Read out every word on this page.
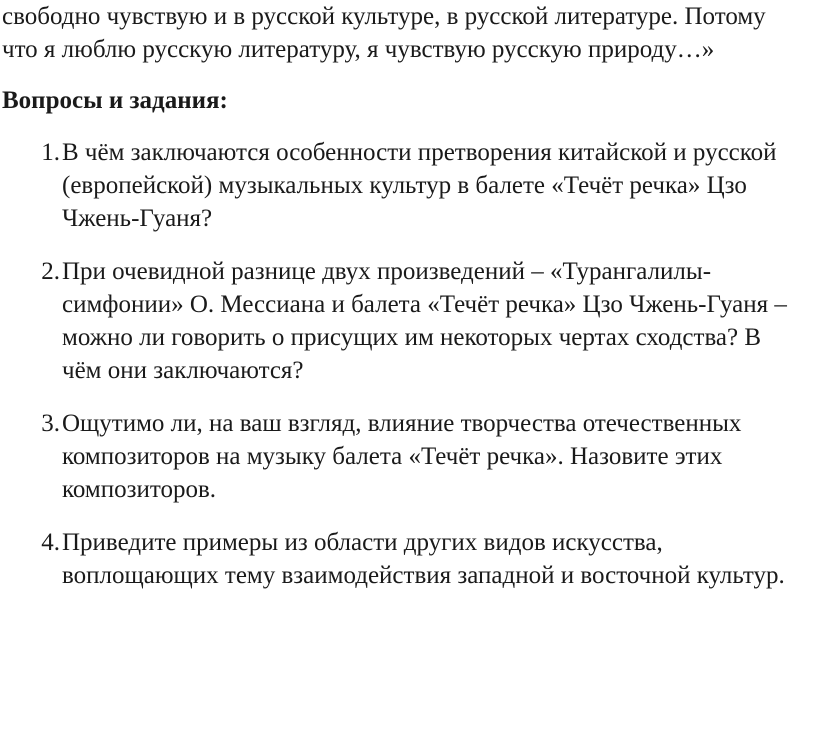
свободно чувствую и в русской культуре, в русской литературе. Потому что я люблю русскую литературу, я чувствую русскую природу…»

Вопросы и задания:

1. В чём заключаются особенности претворения китайской и русской (европейской) музыкальных культур в балете «Течёт речка» Цзо Чжень-Гуаня?
2. При очевидной разнице двух произведений – «Турангалилы-симфонии» О. Мессиана и балета «Течёт речка» Цзо Чжень-Гуаня – можно ли говорить о присущих им некоторых чертах сходства? В чём они заключаются?
3. Ощутимо ли, на ваш взгляд, влияние творчества отечественных композиторов на музыку балета «Течёт речка». Назовите этих композиторов.
4. Приведите примеры из области других видов искусства, воплощающих тему взаимодействия западной и восточной культур.
